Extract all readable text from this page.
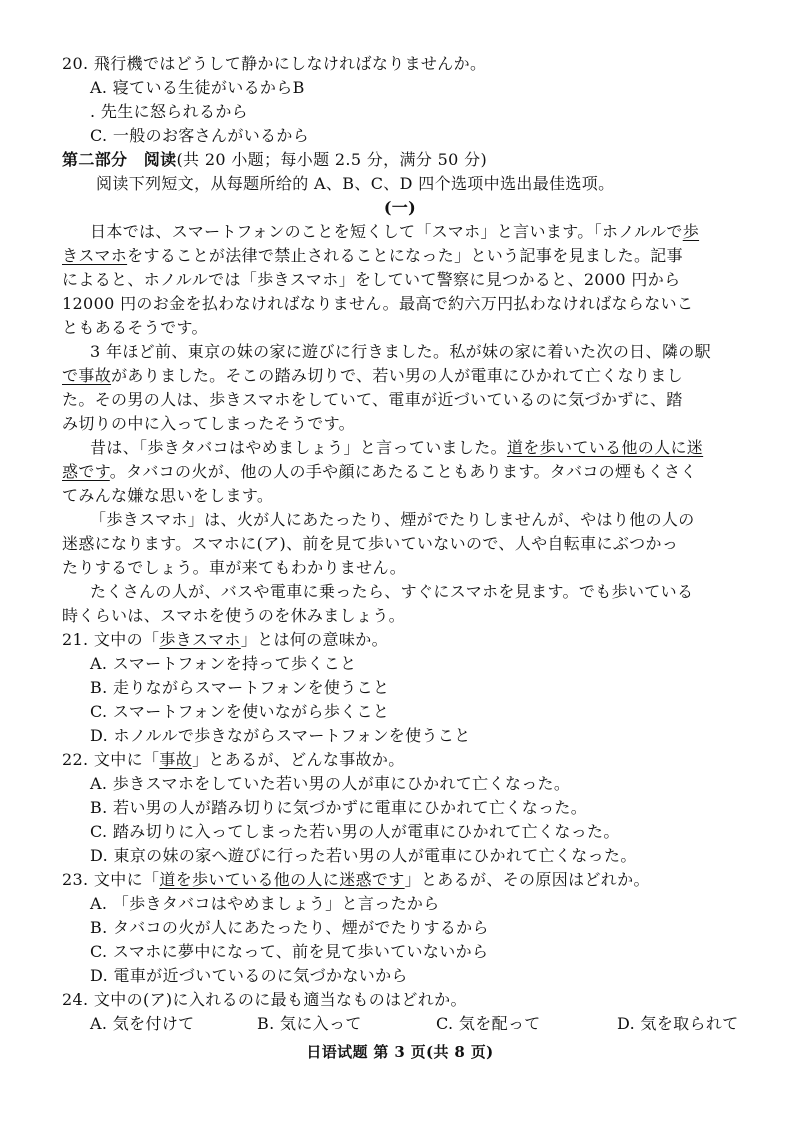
20. 飛行機ではどうして静かにしなければなりませんか。
A. 寝ている生徒がいるからB
. 先生に怒られるから
C. 一般のお客さんがいるから
第二部分　阅读(共 20 小题；每小题 2.5 分，满分 50 分)
阅读下列短文，从每题所给的 A、B、C、D 四个选项中选出最佳选项。
(一)
日本では、スマートフォンのことを短くして「スマホ」と言います。「ホノルルで歩
きスマホをすることが法律で禁止されることになった」という記事を見ました。記事
によると、ホノルルでは「歩きスマホ」をしていて警察に見つかると、2000 円から
12000 円のお金を払わなければなりません。最高で約六万円払わなければならないこ
ともあるそうです。
3 年ほど前、東京の妹の家に遊びに行きました。私が妹の家に着いた次の日、隣の駅
で事故がありました。そこの踏み切りで、若い男の人が電車にひかれて亡くなりまし
た。その男の人は、歩きスマホをしていて、電車が近づいているのに気づかずに、踏
み切りの中に入ってしまったそうです。
昔は、「歩きタバコはやめましょう」と言っていました。道を歩いている他の人に迷
惑です。タバコの火が、他の人の手や顔にあたることもあります。タバコの煙もくさく
てみんな嫌な思いをします。
「歩きスマホ」は、火が人にあたったり、煙がでたりしませんが、やはり他の人の
迷惑になります。スマホに(ア)、前を見て歩いていないので、人や自転車にぶつかっ
たりするでしょう。車が来てもわかりません。
たくさんの人が、バスや電車に乗ったら、すぐにスマホを見ます。でも歩いている
時くらいは、スマホを使うのを休みましょう。
21. 文中の「歩きスマホ」とは何の意味か。
A. スマートフォンを持って歩くこと
B. 走りながらスマートフォンを使うこと
C. スマートフォンを使いながら歩くこと
D. ホノルルで歩きながらスマートフォンを使うこと
22. 文中に「事故」とあるが、どんな事故か。
A. 歩きスマホをしていた若い男の人が車にひかれて亡くなった。
B. 若い男の人が踏み切りに気づかずに電車にひかれて亡くなった。
C. 踏み切りに入ってしまった若い男の人が電車にひかれて亡くなった。
D. 東京の妹の家へ遊びに行った若い男の人が電車にひかれて亡くなった。
23. 文中に「道を歩いている他の人に迷惑です」とあるが、その原因はどれか。
A. 「歩きタバコはやめましょう」と言ったから
B. タバコの火が人にあたったり、煙がでたりするから
C. スマホに夢中になって、前を見て歩いていないから
D. 電車が近づいているのに気づかないから
24. 文中の(ア)に入れるのに最も適当なものはどれか。
A. 気を付けて	B. 気に入って	C. 気を配って	D. 気を取られて
日语试题 第 3 页(共 8 页)
